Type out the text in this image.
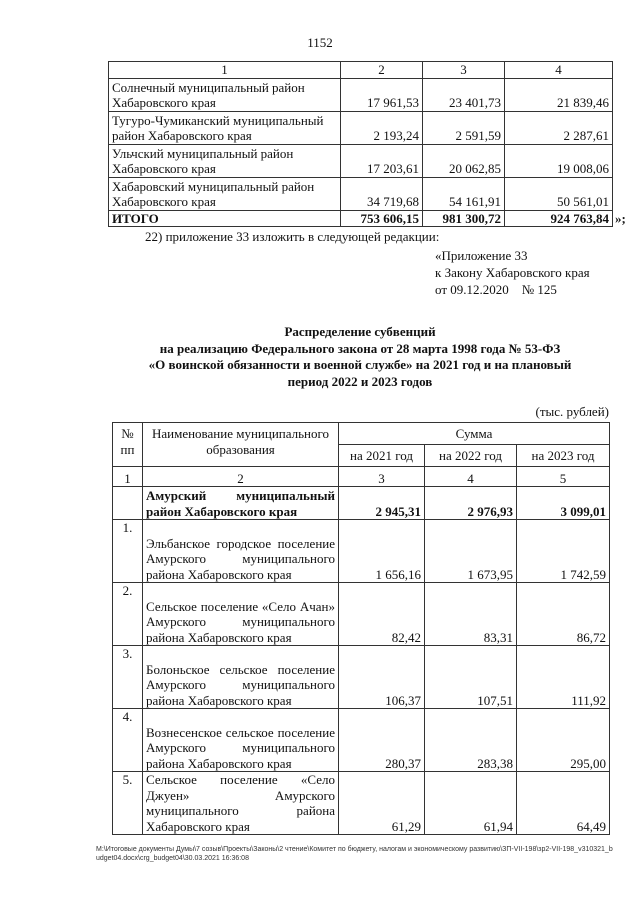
1152
1	2	3	4
Солнечный муниципальный район Хабаровского края	17 961,53	23 401,73	21 839,46
Тугуро-Чумиканский муниципальный район Хабаровского края	2 193,24	2 591,59	2 287,61
Ульчский муниципальный район Хабаровского края	17 203,61	20 062,85	19 008,06
Хабаровский муниципальный район Хабаровского края	34 719,68	54 161,91	50 561,01
ИТОГО	753 606,15	981 300,72	924 763,84 »;
22) приложение 33 изложить в следующей редакции:
«Приложение 33
к Закону Хабаровского края
от 09.12.2020    № 125
Распределение субвенций
на реализацию Федерального закона от 28 марта 1998 года № 53-ФЗ
«О воинской обязанности и военной службе» на 2021 год и на плановый
период 2022 и 2023 годов
(тыс. рублей)
№ пп	Наименование муниципального образования	Сумма		
		на 2021 год	на 2022 год	на 2023 год
1	2	3	4	5
	Амурский муниципальный район Хабаровского края	2 945,31	2 976,93	3 099,01
1.	Эльбанское городское поселение Амурского муниципального района Хабаровского края	1 656,16	1 673,95	1 742,59
2.	Сельское поселение «Село Ачан» Амурского муниципального района Хабаровского края	82,42	83,31	86,72
3.	Болоньское сельское поселение Амурского муниципального района Хабаровского края	106,37	107,51	111,92
4.	Вознесенское сельское поселение Амурского муниципального района Хабаровского края	280,37	283,38	295,00
5.	Сельское поселение «Село Джуен» Амурского муниципального района Хабаровского края	61,29	61,94	64,49
M:\Итоговые документы Думы\7 созыв\Проекты\Законы\2 чтение\Комитет по бюджету, налогам и экономическому развитию\ЗП-VII-198\зр2-VII-198_v310321_budget04.docx\crg_budget04\30.03.2021 16:36:08
